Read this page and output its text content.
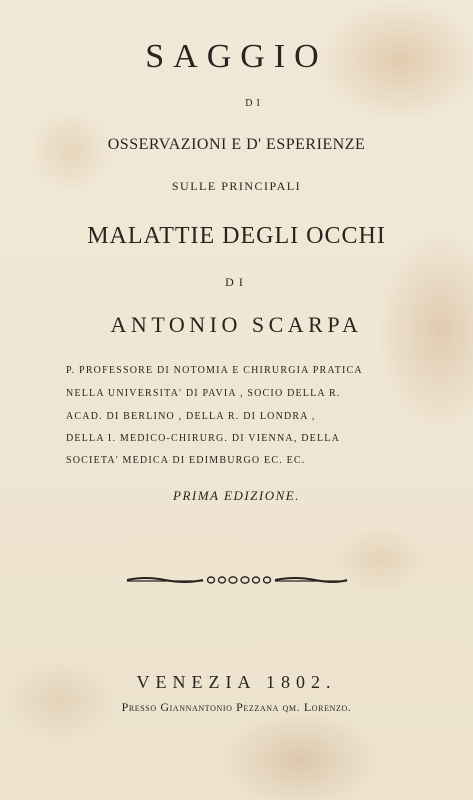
SAGGIO
DI
OSSERVAZIONI E D' ESPERIENZE
SULLE PRINCIPALI
MALATTIE DEGLI OCCHI
DI
ANTONIO SCARPA
P. PROFESSORE DI NOTOMIA E CHIRURGIA PRATICA
NELLA UNIVERSITA' DI PAVIA , SOCIO DELLA R.
ACAD. DI BERLINO , DELLA R. DI LONDRA ,
DELLA I. MEDICO-CHIRURG. DI VIENNA, DELLA
SOCIETA' MEDICA DI EDIMBURGO EC. EC.
PRIMA EDIZIONE.
VENEZIA 1802.
Presso Giannantonio Pezzana qm. Lorenzo.
